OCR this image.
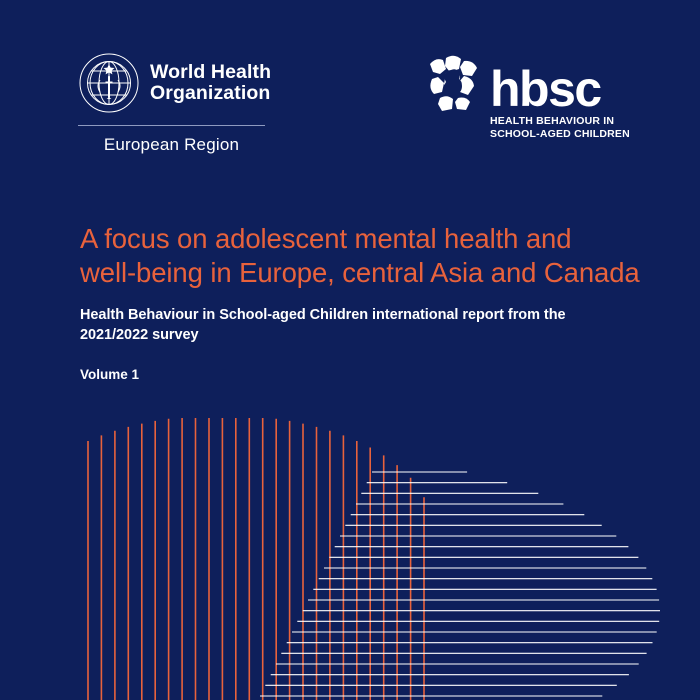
World Health
Organization
European Region
hbsc
HEALTH BEHAVIOUR IN
SCHOOL-AGED CHILDREN
A focus on adolescent mental health and
well-being in Europe, central Asia and Canada

Health Behaviour in School-aged Children international report from the
2021/2022 survey

Volume 1
